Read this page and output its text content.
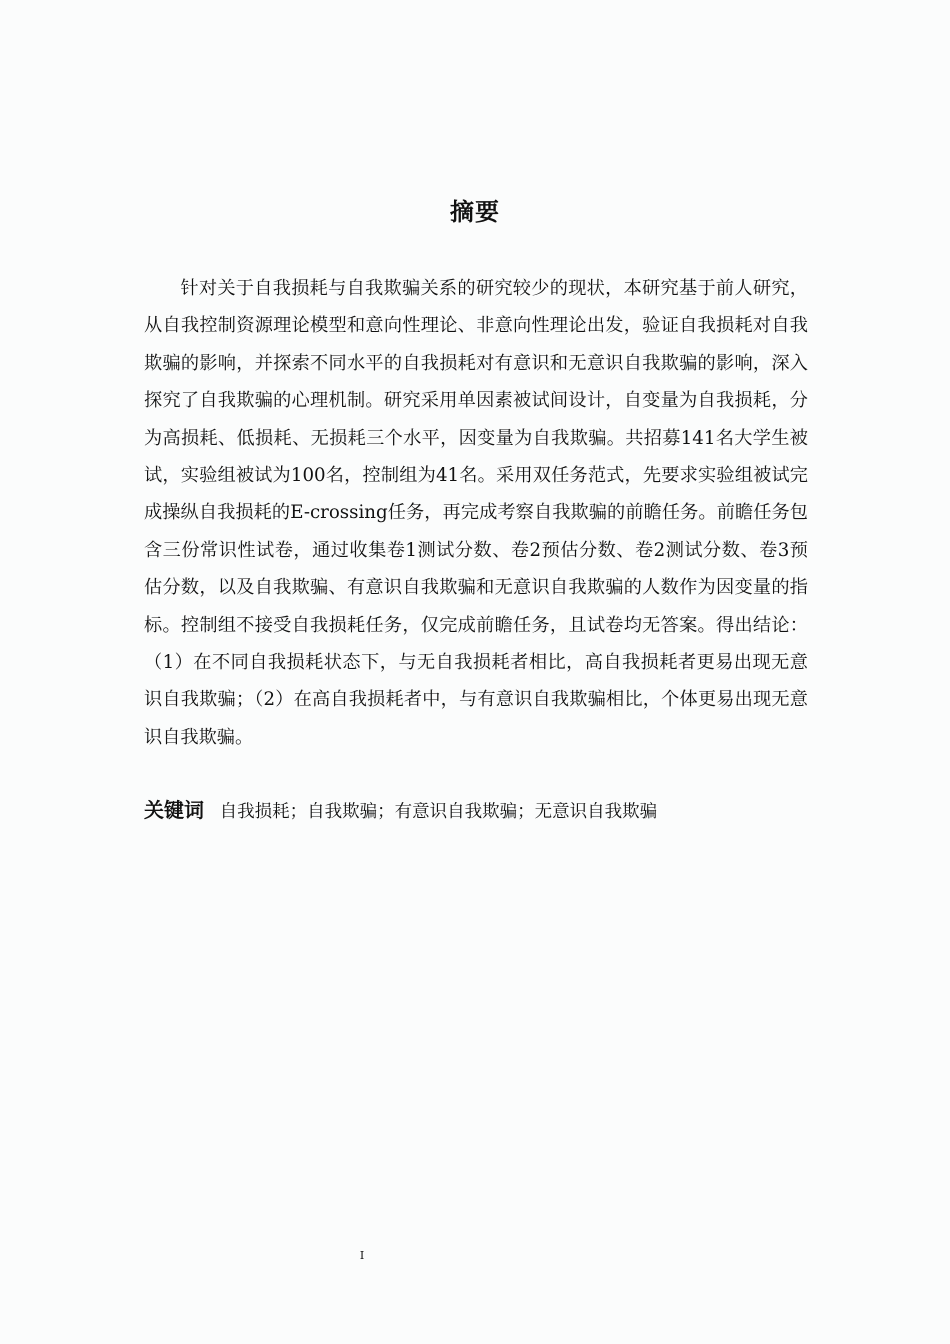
摘要

针对关于自我损耗与自我欺骗关系的研究较少的现状，本研究基于前人研究，从自我控制资源理论模型和意向性理论、非意向性理论出发，验证自我损耗对自我欺骗的影响，并探索不同水平的自我损耗对有意识和无意识自我欺骗的影响，深入探究了自我欺骗的心理机制。研究采用单因素被试间设计，自变量为自我损耗，分为高损耗、低损耗、无损耗三个水平，因变量为自我欺骗。共招募141名大学生被试，实验组被试为100名，控制组为41名。采用双任务范式，先要求实验组被试完成操纵自我损耗的E-crossing任务，再完成考察自我欺骗的前瞻任务。前瞻任务包含三份常识性试卷，通过收集卷1测试分数、卷2预估分数、卷2测试分数、卷3预估分数，以及自我欺骗、有意识自我欺骗和无意识自我欺骗的人数作为因变量的指标。控制组不接受自我损耗任务，仅完成前瞻任务，且试卷均无答案。得出结论：（1）在不同自我损耗状态下，与无自我损耗者相比，高自我损耗者更易出现无意识自我欺骗；（2）在高自我损耗者中，与有意识自我欺骗相比，个体更易出现无意识自我欺骗。

关键词 自我损耗；自我欺骗；有意识自我欺骗；无意识自我欺骗
I
